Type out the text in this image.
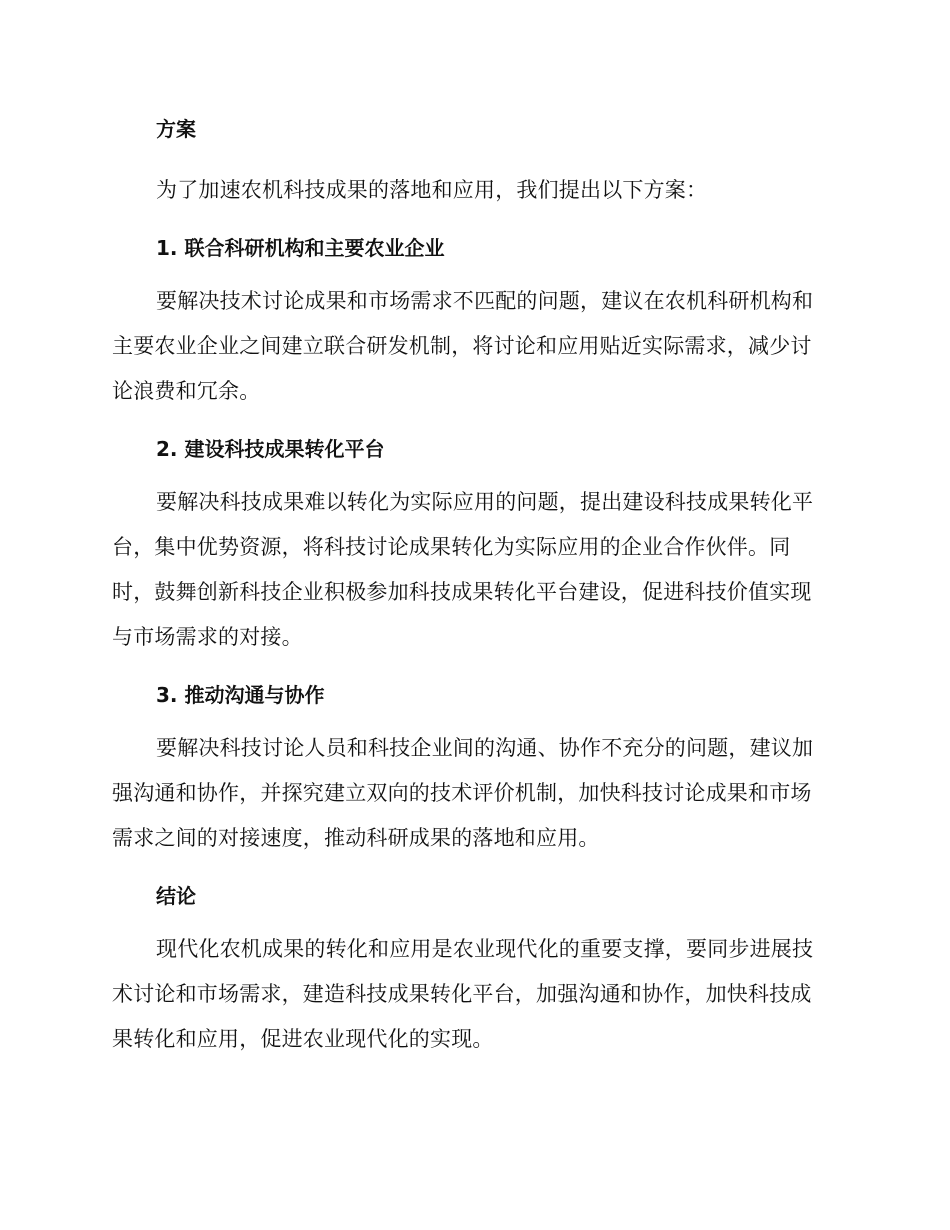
方案

为了加速农机科技成果的落地和应用，我们提出以下方案：

1. 联合科研机构和主要农业企业

要解决技术讨论成果和市场需求不匹配的问题，建议在农机科研机构和主要农业企业之间建立联合研发机制，将讨论和应用贴近实际需求，减少讨论浪费和冗余。

2. 建设科技成果转化平台

要解决科技成果难以转化为实际应用的问题，提出建设科技成果转化平台，集中优势资源，将科技讨论成果转化为实际应用的企业合作伙伴。同时，鼓舞创新科技企业积极参加科技成果转化平台建设，促进科技价值实现与市场需求的对接。

3. 推动沟通与协作

要解决科技讨论人员和科技企业间的沟通、协作不充分的问题，建议加强沟通和协作，并探究建立双向的技术评价机制，加快科技讨论成果和市场需求之间的对接速度，推动科研成果的落地和应用。

结论

现代化农机成果的转化和应用是农业现代化的重要支撑，要同步进展技术讨论和市场需求，建造科技成果转化平台，加强沟通和协作，加快科技成果转化和应用，促进农业现代化的实现。
